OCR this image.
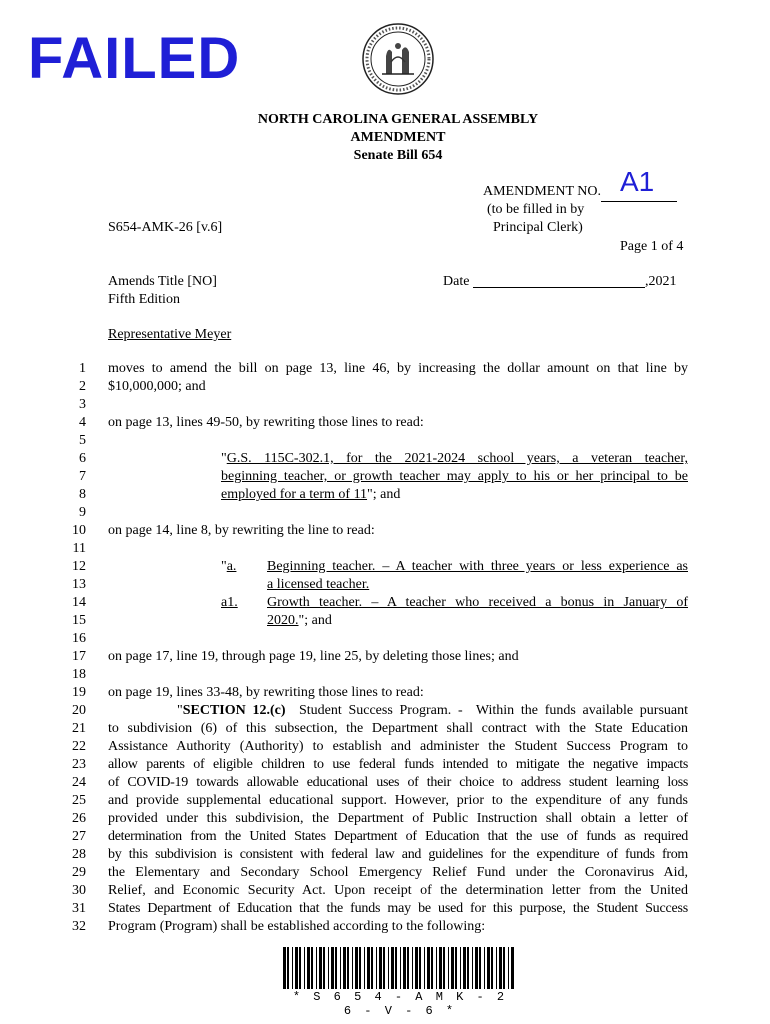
FAILED
NORTH CAROLINA GENERAL ASSEMBLY
AMENDMENT
Senate Bill 654
AMENDMENT NO. A1
(to be filled in by
Principal Clerk)
S654-AMK-26 [v.6]
Page 1 of 4
Amends Title [NO]
Fifth Edition
Date	,2021
Representative Meyer
1
2
3
4
5
6
7
8
9
10
11
12
13
14
15
16
17
18
19
20
21
22
23
24
25
26
27
28
29
30
31
32
moves to amend the bill on page 13, line 46, by increasing the dollar amount on that line by
$10,000,000; and
on page 13, lines 49-50, by rewriting those lines to read:
"G.S. 115C-302.1, for the 2021-2024 school years, a veteran teacher,
beginning teacher, or growth teacher may apply to his or her principal to be
employed for a term of 11"; and
on page 14, line 8, by rewriting the line to read:
"a. Beginning teacher. – A teacher with three years or less experience as
a licensed teacher.
a1. Growth teacher. – A teacher who received a bonus in January of
2020."; and
on page 17, line 19, through page 19, line 25, by deleting those lines; and
on page 19, lines 33-48, by rewriting those lines to read:
"SECTION 12.(c)  Student Success Program. -  Within the funds available pursuant
to subdivision (6) of this subsection, the Department shall contract with the State Education
Assistance Authority (Authority) to establish and administer the Student Success Program to
allow parents of eligible children to use federal funds intended to mitigate the negative impacts
of COVID-19 towards allowable educational uses of their choice to address student learning loss
and provide supplemental educational support. However, prior to the expenditure of any funds
provided under this subdivision, the Department of Public Instruction shall obtain a letter of
determination from the United States Department of Education that the use of funds as required
by this subdivision is consistent with federal law and guidelines for the expenditure of funds from
the Elementary and Secondary School Emergency Relief Fund under the Coronavirus Aid,
Relief, and Economic Security Act. Upon receipt of the determination letter from the United
States Department of Education that the funds may be used for this purpose, the Student Success
Program (Program) shall be established according to the following:
* S 6 5 4 - A M K - 2 6 - V - 6 *
